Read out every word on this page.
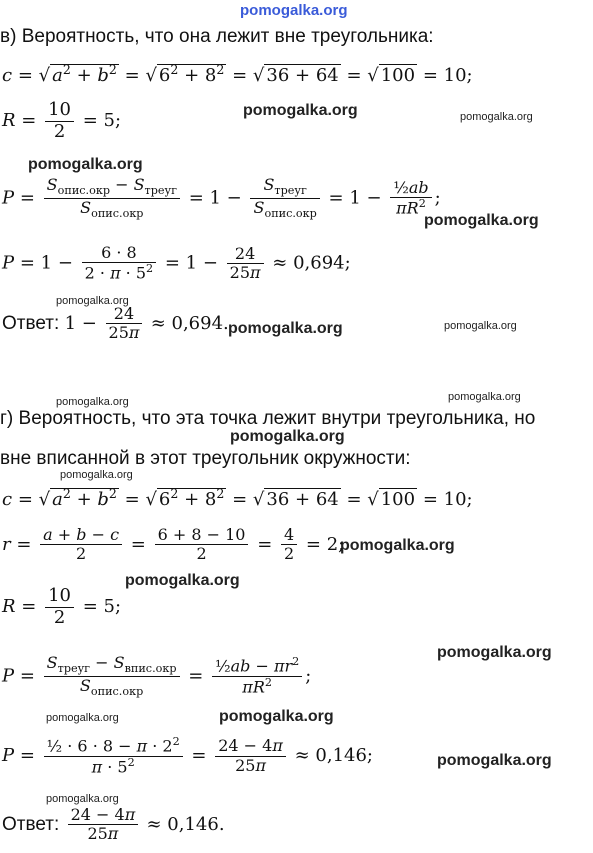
pomogalka.org
pomogalka.org	pomogalka.org
pomogalka.org
pomogalka.org
pomogalka.org
pomogalka.org	pomogalka.org
pomogalka.org	pomogalka.org
pomogalka.org
pomogalka.org
pomogalka.org
pomogalka.org
pomogalka.org
pomogalka.org	pomogalka.org
pomogalka.org
pomogalka.org
в) Вероятность, что она лежит вне треугольника:
c = √ $a^2 + b^2$ = √ $6^2 + 8^2$ = √ 36 + 64 = √ 100 = 10;
$R = \frac{10}{2} = 5$;
$P = \frac{S_{опис.окр} - S_{треуг}}{S_{опис.окр}} = 1 - \frac{S_{треуг}}{S_{опис.окр}} = 1 - \frac{\text{½ab}}{\pi R^2}$ ;
$P = 1 - \frac{6 \cdot 8}{2 \cdot \pi \cdot 5^2} = 1 - \frac{24}{25\pi} \approx 0,694$;
Ответ: $1 - \frac{24}{25\pi} \approx 0,694$.
г) Вероятность, что эта точка лежит внутри треугольника, но
вне вписанной в этот треугольник окружности:
c = √ $a^2 + b^2$ = √ $6^2 + 8^2$ = √ 36 + 64 = √ 100 = 10;
$r = \frac{a + b - c}{2} = \frac{6 + 8 - 10}{2} = \frac{4}{2} = 2$;
$R = \frac{10}{2} = 5$;
$P = \frac{S_{треуг} - S_{впис.окр}}{S_{опис.окр}} = \frac{\frac{1}{2}ab - \pi r^2}{\pi R^2}$ ;
$P = \frac{\frac{1}{2} \cdot 6 \cdot 8 - \pi \cdot 2^2}{\pi \cdot 5^2} = \frac{24 - 4\pi}{25\pi} \approx 0,146$;
Ответ: $\frac{24 - 4\pi}{25\pi} \approx 0,146$.
